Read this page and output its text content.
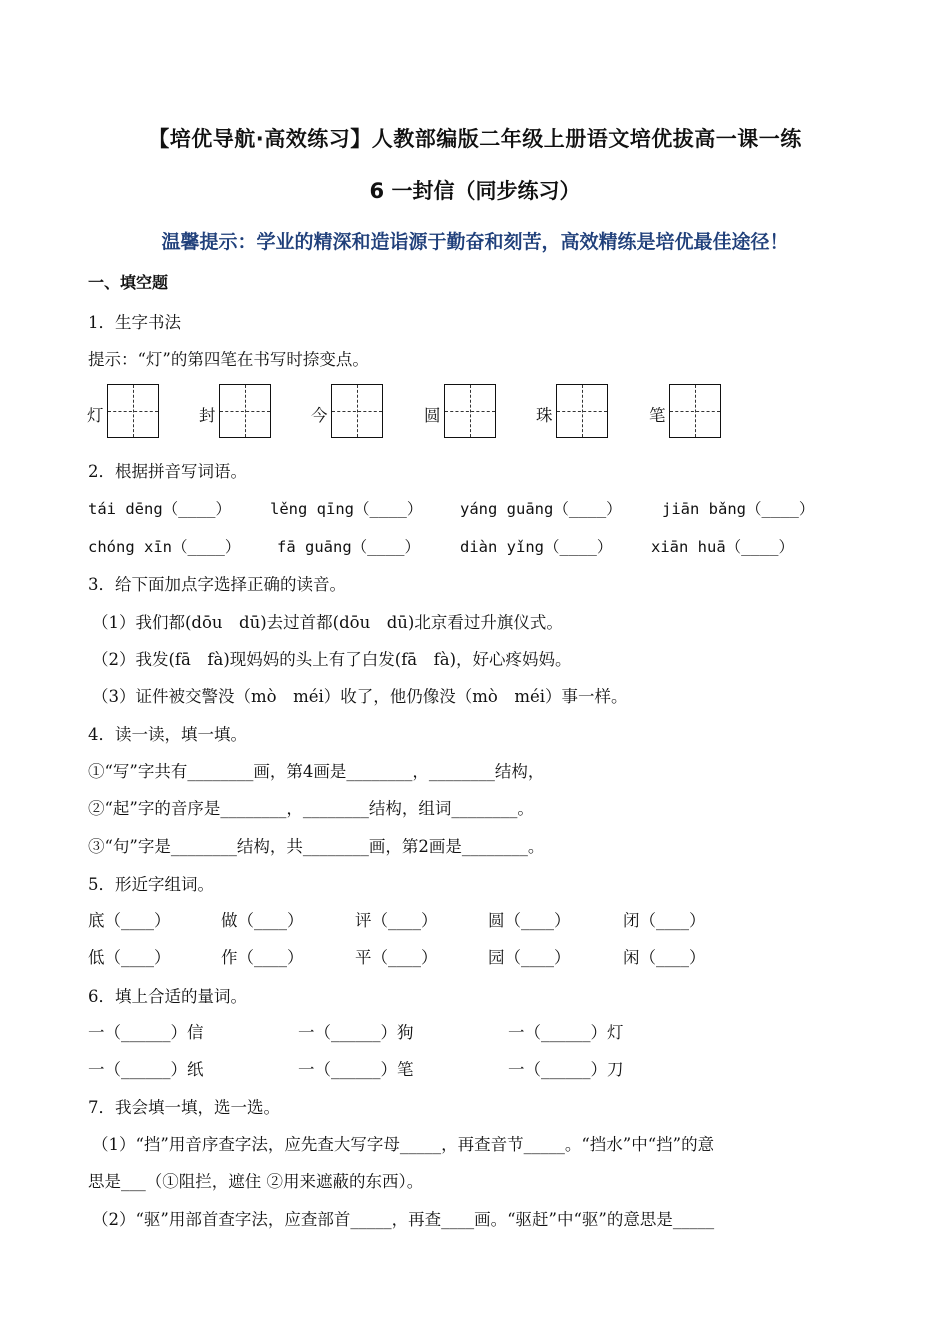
【培优导航·高效练习】人教部编版二年级上册语文培优拔高一课一练
6 一封信（同步练习）
温馨提示：学业的精深和造诣源于勤奋和刻苦，高效精练是培优最佳途径！
一、填空题
1．生字书法
提示：“灯”的第四笔在书写时捺变点。
灯	封	今	圆	珠	笔
2．根据拼音写词语。
tái dēng（____）	lěng qīng（____） yáng guāng（____）	jiān bǎng（____）
chóng xīn（____） fā guāng（____）	diàn yǐng（____） xiān huā（____）
3．给下面加点字选择正确的读音。
（1）我们都(dōu　dū)去过首都(dōu　dū)北京看过升旗仪式。
（2）我发(fā　fà)现妈妈的头上有了白发(fā　fà)，好心疼妈妈。
（3）证件被交警没（mò　méi）收了，他仍像没（mò　méi）事一样。
4．读一读，填一填。
①“写”字共有________画，第4画是________，________结构，
②“起”字的音序是________，________结构，组词________。
③“句”字是________结构，共________画，第2画是________。
5．形近字组词。
底（____）	做（____）	评（____）	圆（____）	闭（____）
低（____）	作（____）	平（____）	园（____）	闲（____）
6．填上合适的量词。
一（______）信	一（______）狗	一（______）灯
一（______）纸	一（______）笔	一（______）刀
7．我会填一填，选一选。
（1）“挡”用音序查字法，应先查大写字母_____，再查音节_____。“挡水”中“挡”的意
思是___（①阻拦，遮住 ②用来遮蔽的东西）。
（2）“驱”用部首查字法，应查部首_____，再查____画。“驱赶”中“驱”的意思是_____
